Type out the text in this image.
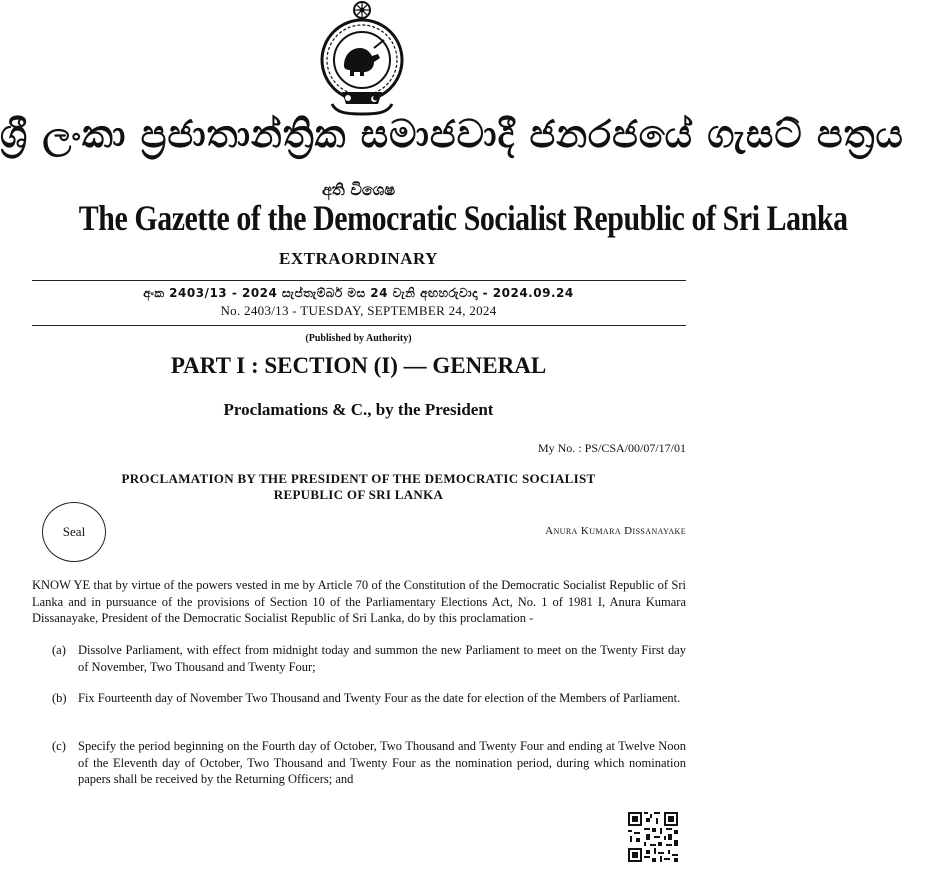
ශ්‍රී ලංකා ප්‍රජාතාන්ත්‍රික සමාජවාදී ජනරජයේ ගැසට් පත්‍රය
අති විශෙෂ
The Gazette of the Democratic Socialist Republic of Sri Lanka
EXTRAORDINARY
අංක 2403/13 - 2024 සැප්තැම්බර් මස 24 වැනි අඟහරුවාදා - 2024.09.24
No. 2403/13 - TUESDAY, SEPTEMBER 24, 2024
(Published by Authority)
PART I : SECTION (I) — GENERAL
Proclamations & C., by the President
My No. : PS/CSA/00/07/17/01
PROCLAMATION BY THE PRESIDENT OF THE DEMOCRATIC SOCIALIST
REPUBLIC OF SRI LANKA
Seal	Anura Kumara Dissanayake
KNOW YE that by virtue of the powers vested in me by Article 70 of the Constitution of the Democratic Socialist Republic of Sri Lanka and in pursuance of the provisions of Section 10 of the Parliamentary Elections Act, No. 1 of 1981 I, Anura Kumara Dissanayake, President of the Democratic Socialist Republic of Sri Lanka, do by this proclamation -
(a) Dissolve Parliament, with effect from midnight today and summon the new Parliament to meet on the Twenty First day of November, Two Thousand and Twenty Four;
(b) Fix Fourteenth day of November Two Thousand and Twenty Four as the date for election of the Members of Parliament.
(c) Specify the period beginning on the Fourth day of October, Two Thousand and Twenty Four and ending at Twelve Noon of the Eleventh day of October, Two Thousand and Twenty Four as the nomination period, during which nomination papers shall be received by the Returning Officers; and
